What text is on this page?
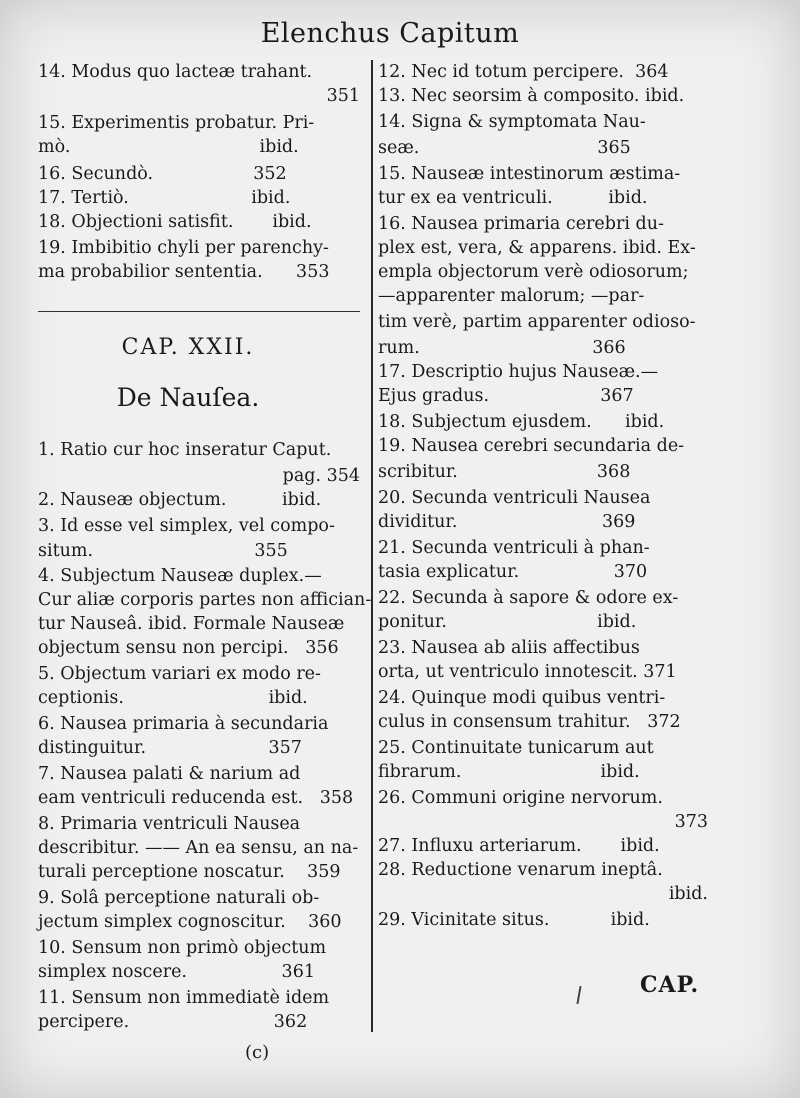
Elenchus Capitum
14. Modus quo lacteæ trahant.
351
15. Experimentis probatur. Pri-
mò.                                  ibid.
16. Secundò.                  352
17. Tertiò.                      ibid.
18. Objectioni satisfit.       ibid.
19. Imbibitio chyli per parenchy-
ma probabilior sententia.      353
CAP. XXII.
De Nauſea.
1. Ratio cur hoc inseratur Caput.
pag. 354
2. Nauseæ objectum.          ibid.
3. Id esse vel simplex, vel compo-
situm.                             355
4. Subjectum Nauseæ duplex.—
Cur aliæ corporis partes non affician-
tur Nauseâ. ibid. Formale Nauseæ
objectum sensu non percipi.   356
5. Objectum variari ex modo re-
ceptionis.                          ibid.
6. Nausea primaria à secundaria
distinguitur.                      357
7. Nausea palati & narium ad
eam ventriculi reducenda est.   358
8. Primaria ventriculi Nausea
describitur. —— An ea sensu, an na-
turali perceptione noscatur.    359
9. Solâ perceptione naturali ob-
jectum simplex cognoscitur.    360
10. Sensum non primò objectum
simplex noscere.                 361
11. Sensum non immediatè idem
percipere.                          362
12. Nec id totum percipere.  364
13. Nec seorsim à composito. ibid.
14. Signa & symptomata Nau-
seæ.                                365
15. Nauseæ intestinorum æstima-
tur ex ea ventriculi.          ibid.
16. Nausea primaria cerebri du-
plex est, vera, & apparens. ibid. Ex-
empla objectorum verè odiosorum;
—apparenter malorum; —par-
tim verè, partim apparenter odioso-
rum.                               366
17. Descriptio hujus Nauseæ.—
Ejus gradus.                    367
18. Subjectum ejusdem.      ibid.
19. Nausea cerebri secundaria de-
scribitur.                         368
20. Secunda ventriculi Nausea
dividitur.                          369
21. Secunda ventriculi à phan-
tasia explicatur.                 370
22. Secunda à sapore & odore ex-
ponitur.                           ibid.
23. Nausea ab aliis affectibus
orta, ut ventriculo innotescit. 371
24. Quinque modi quibus ventri-
culus in consensum trahitur.   372
25. Continuitate tunicarum aut
fibrarum.                         ibid.
26. Communi origine nervorum.
373
27. Influxu arteriarum.       ibid.
28. Reductione venarum ineptâ.
ibid.
29. Vicinitate situs.           ibid.
CAP.
(c)
